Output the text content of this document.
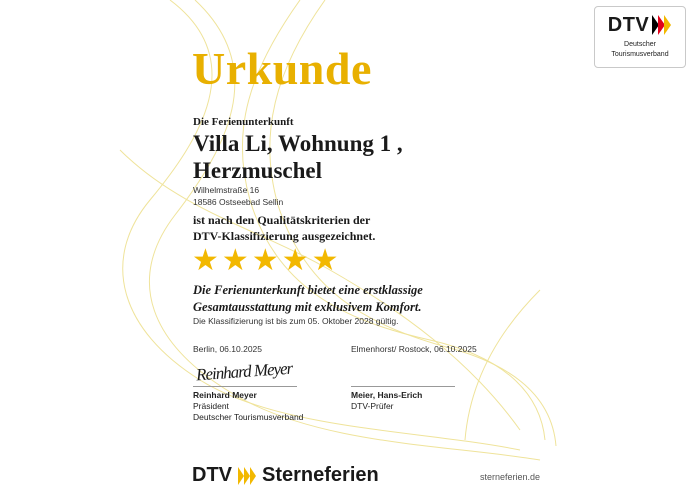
DTV
Deutscher
Tourismusverband
Urkunde
Die Ferienunterkunft
Villa Li, Wohnung 1 , Herzmuschel
Wilhelmstraße 16
18586 Ostseebad Sellin
ist nach den Qualitätskriterien der
DTV-Klassifizierung ausgezeichnet.
★ ★ ★ ★ ★
Die Ferienunterkunft bietet eine erstklassige
Gesamtausstattung mit exklusivem Komfort.
Die Klassifizierung ist bis zum 05. Oktober 2028 gültig.
Berlin, 06.10.2025	Elmenhorst/ Rostock, 06.10.2025
Reinhard Meyer
Reinhard Meyer
Präsident
Deutscher Tourismusverband
Meier, Hans-Erich
DTV-Prüfer
DTV Sterneferien	sterneferien.de
